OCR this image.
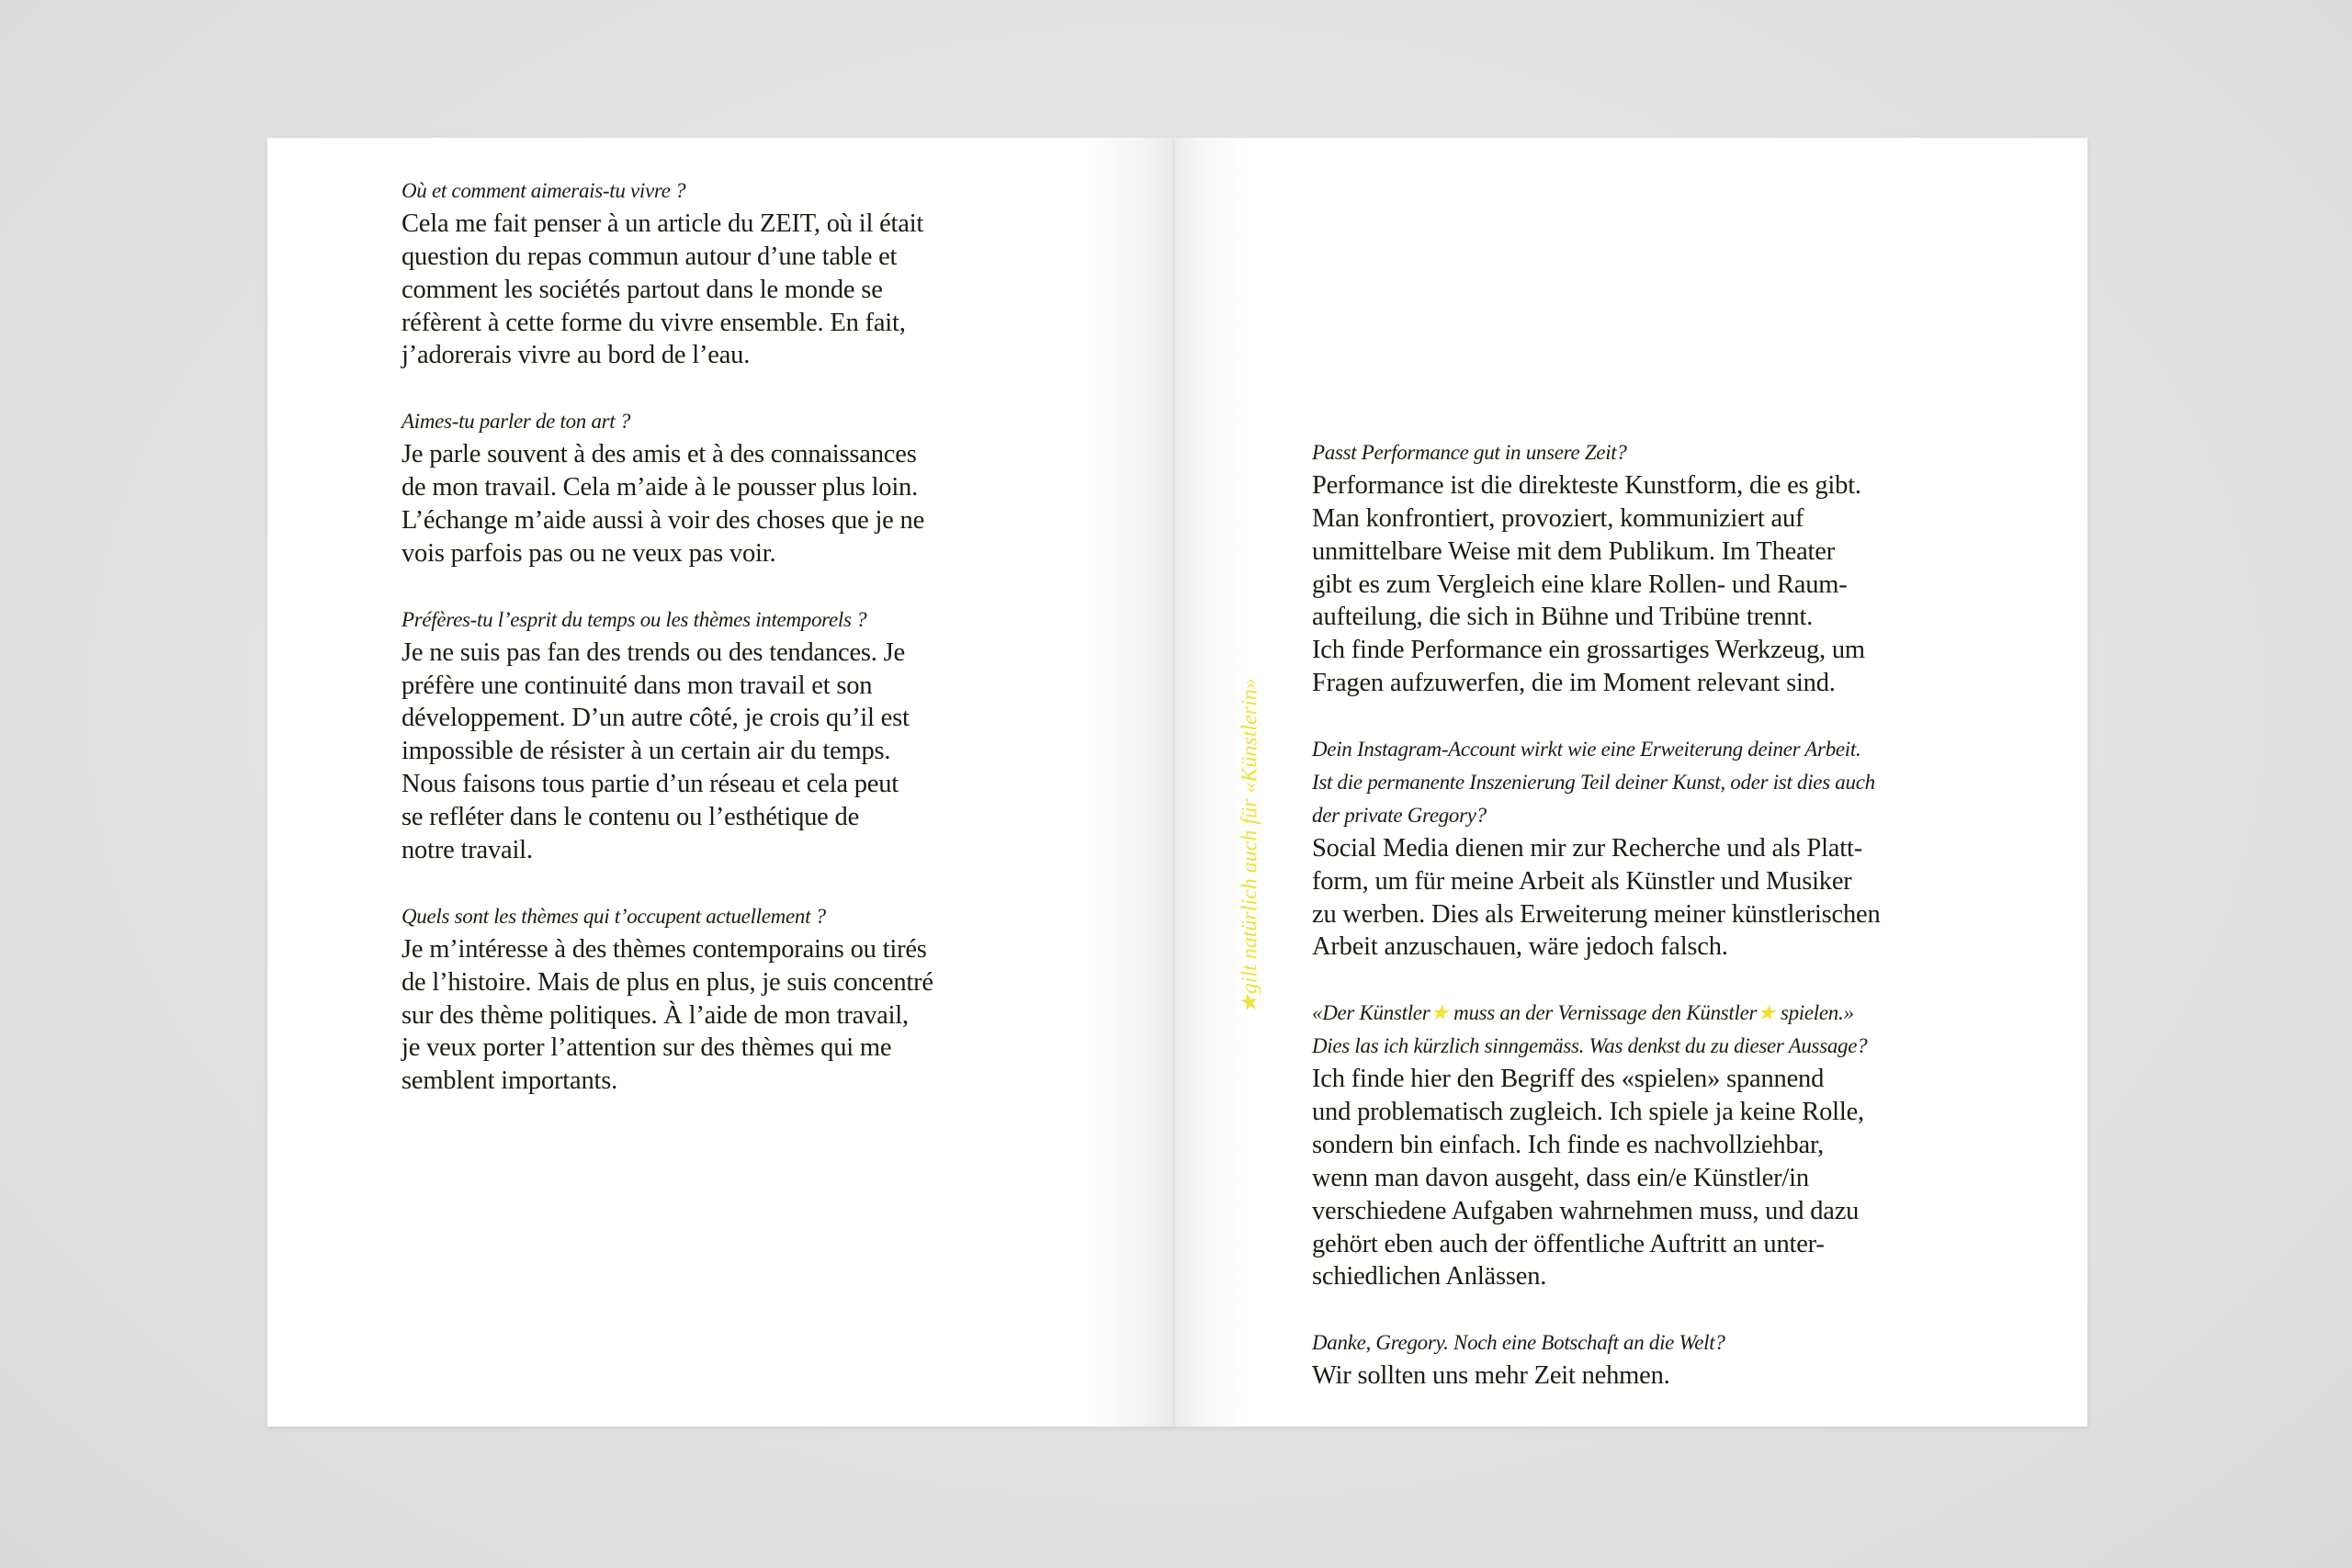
Où et comment aimerais-tu vivre ?
Cela me fait penser à un article du ZEIT, où il était
question du repas commun autour d’une table et
comment les sociétés partout dans le monde se
réfèrent à cette forme du vivre ensemble. En fait,
j’adorerais vivre au bord de l’eau.
Aimes-tu parler de ton art ?
Je parle souvent à des amis et à des connaissances
de mon travail. Cela m’aide à le pousser plus loin.
L’échange m’aide aussi à voir des choses que je ne
vois parfois pas ou ne veux pas voir.
Préfères-tu l’esprit du temps ou les thèmes intemporels ?
Je ne suis pas fan des trends ou des tendances. Je
préfère une continuité dans mon travail et son
développement. D’un autre côté, je crois qu’il est
impossible de résister à un certain air du temps.
Nous faisons tous partie d’un réseau et cela peut
se refléter dans le contenu ou l’esthétique de
notre travail.
Quels sont les thèmes qui t’occupent actuellement ?
Je m’intéresse à des thèmes contemporains ou tirés
de l’histoire. Mais de plus en plus, je suis concentré
sur des thème politiques. À l’aide de mon travail,
je veux porter l’attention sur des thèmes qui me
semblent importants.
Passt Performance gut in unsere Zeit?
Performance ist die direkteste Kunstform, die es gibt.
Man konfrontiert, provoziert, kommuniziert auf
unmittelbare Weise mit dem Publikum. Im Theater
gibt es zum Vergleich eine klare Rollen- und Raum-
aufteilung, die sich in Bühne und Tribüne trennt.
Ich finde Performance ein grossartiges Werkzeug, um
Fragen aufzuwerfen, die im Moment relevant sind.
Dein Instagram-Account wirkt wie eine Erweiterung deiner Arbeit.
Ist die permanente Inszenierung Teil deiner Kunst, oder ist dies auch
der private Gregory?
Social Media dienen mir zur Recherche und als Platt-
form, um für meine Arbeit als Künstler und Musiker
zu werben. Dies als Erweiterung meiner künstlerischen
Arbeit anzuschauen, wäre jedoch falsch.
«Der Künstler★ muss an der Vernissage den Künstler★ spielen.»
Dies las ich kürzlich sinngemäss. Was denkst du zu dieser Aussage?
Ich finde hier den Begriff des «spielen» spannend
und problematisch zugleich. Ich spiele ja keine Rolle,
sondern bin einfach. Ich finde es nachvollziehbar,
wenn man davon ausgeht, dass ein/e Künstler/in
verschiedene Aufgaben wahrnehmen muss, und dazu
gehört eben auch der öffentliche Auftritt an unter-
schiedlichen Anlässen.
Danke, Gregory. Noch eine Botschaft an die Welt?
Wir sollten uns mehr Zeit nehmen.
★gilt natürlich auch für «Künstlerin»
